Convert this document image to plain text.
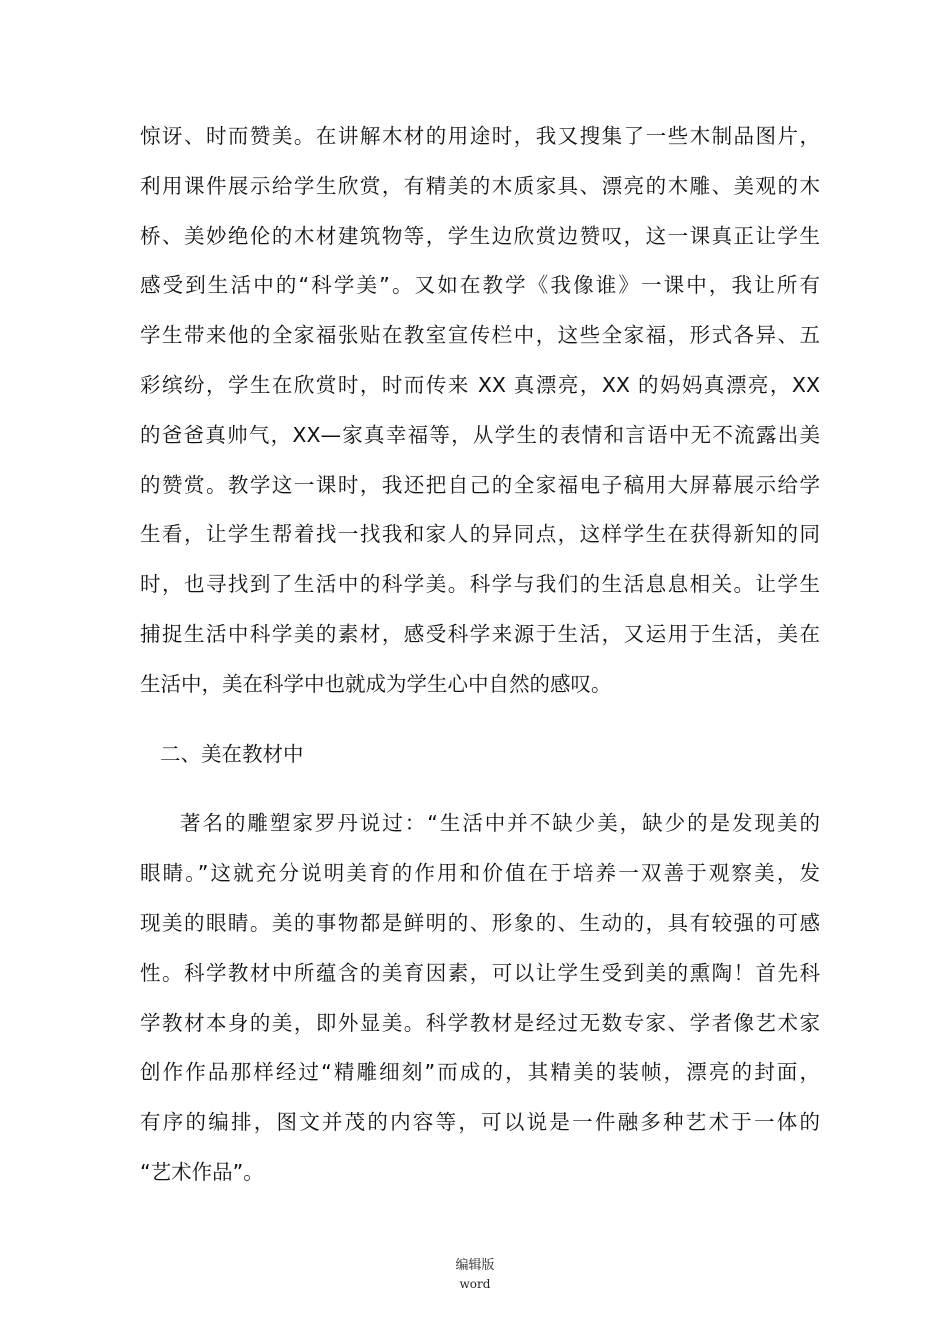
惊讶、时而赞美。在讲解木材的用途时，我又搜集了一些木制品图片，
利用课件展示给学生欣赏，有精美的木质家具、漂亮的木雕、美观的木
桥、美妙绝伦的木材建筑物等，学生边欣赏边赞叹，这一课真正让学生
感受到生活中的“科学美”。又如在教学《我像谁》一课中，我让所有
学生带来他的全家福张贴在教室宣传栏中，这些全家福，形式各异、五
彩缤纷，学生在欣赏时，时而传来 XX 真漂亮，XX 的妈妈真漂亮，XX
的爸爸真帅气，XX—家真幸福等，从学生的表情和言语中无不流露出美
的赞赏。教学这一课时，我还把自己的全家福电子稿用大屏幕展示给学
生看，让学生帮着找一找我和家人的异同点，这样学生在获得新知的同
时，也寻找到了生活中的科学美。科学与我们的生活息息相关。让学生
捕捉生活中科学美的素材，感受科学来源于生活，又运用于生活，美在
生活中，美在科学中也就成为学生心中自然的感叹。
二、美在教材中
著名的雕塑家罗丹说过：“生活中并不缺少美，缺少的是发现美的
眼睛。”这就充分说明美育的作用和价值在于培养一双善于观察美，发
现美的眼睛。美的事物都是鲜明的、形象的、生动的，具有较强的可感
性。科学教材中所蕴含的美育因素，可以让学生受到美的熏陶！首先科
学教材本身的美，即外显美。科学教材是经过无数专家、学者像艺术家
创作作品那样经过“精雕细刻”而成的，其精美的装帧，漂亮的封面，
有序的编排，图文并茂的内容等，可以说是一件融多种艺术于一体的
“艺术作品”。
编辑版
word
